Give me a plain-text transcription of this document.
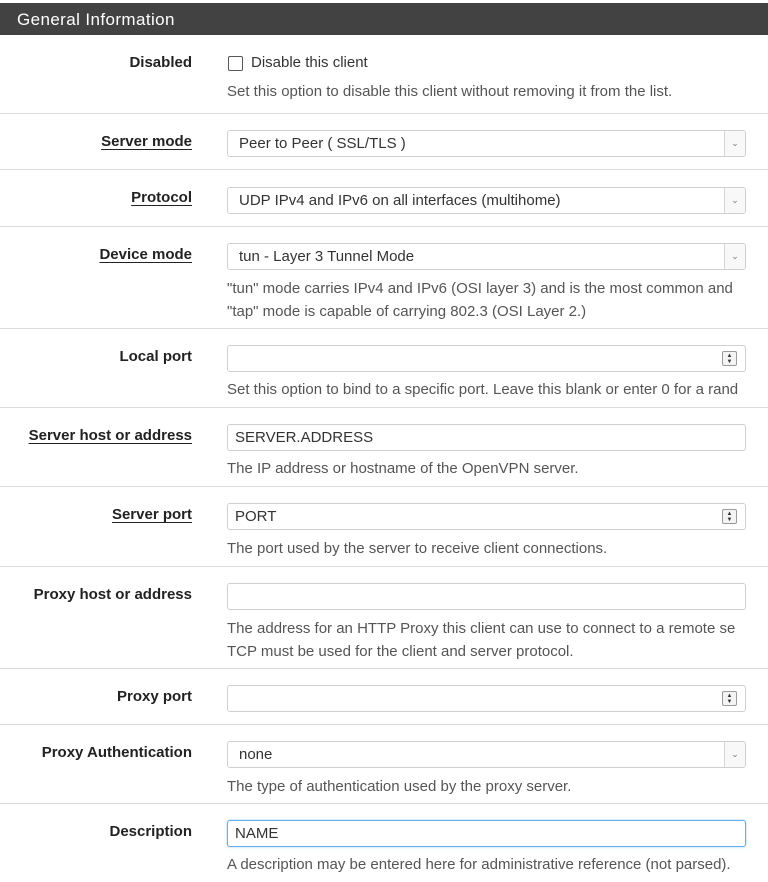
General Information
Disabled	Disable this client
Set this option to disable this client without removing it from the list.
Server mode	Peer to Peer ( SSL/TLS )	⌄
Protocol	UDP IPv4 and IPv6 on all interfaces (multihome)	⌄
Device mode	tun - Layer 3 Tunnel Mode	⌄
"tun" mode carries IPv4 and IPv6 (OSI layer 3) and is the most common and
"tap" mode is capable of carrying 802.3 (OSI Layer 2.)
Local port	▲
▼
Set this option to bind to a specific port. Leave this blank or enter 0 for a rand
Server host or address	SERVER.ADDRESS
The IP address or hostname of the OpenVPN server.
Server port	PORT	▲
▼
The port used by the server to receive client connections.
Proxy host or address
The address for an HTTP Proxy this client can use to connect to a remote se
TCP must be used for the client and server protocol.
Proxy port	▲
▼
Proxy Authentication	none	⌄
The type of authentication used by the proxy server.
Description	NAME
A description may be entered here for administrative reference (not parsed).
